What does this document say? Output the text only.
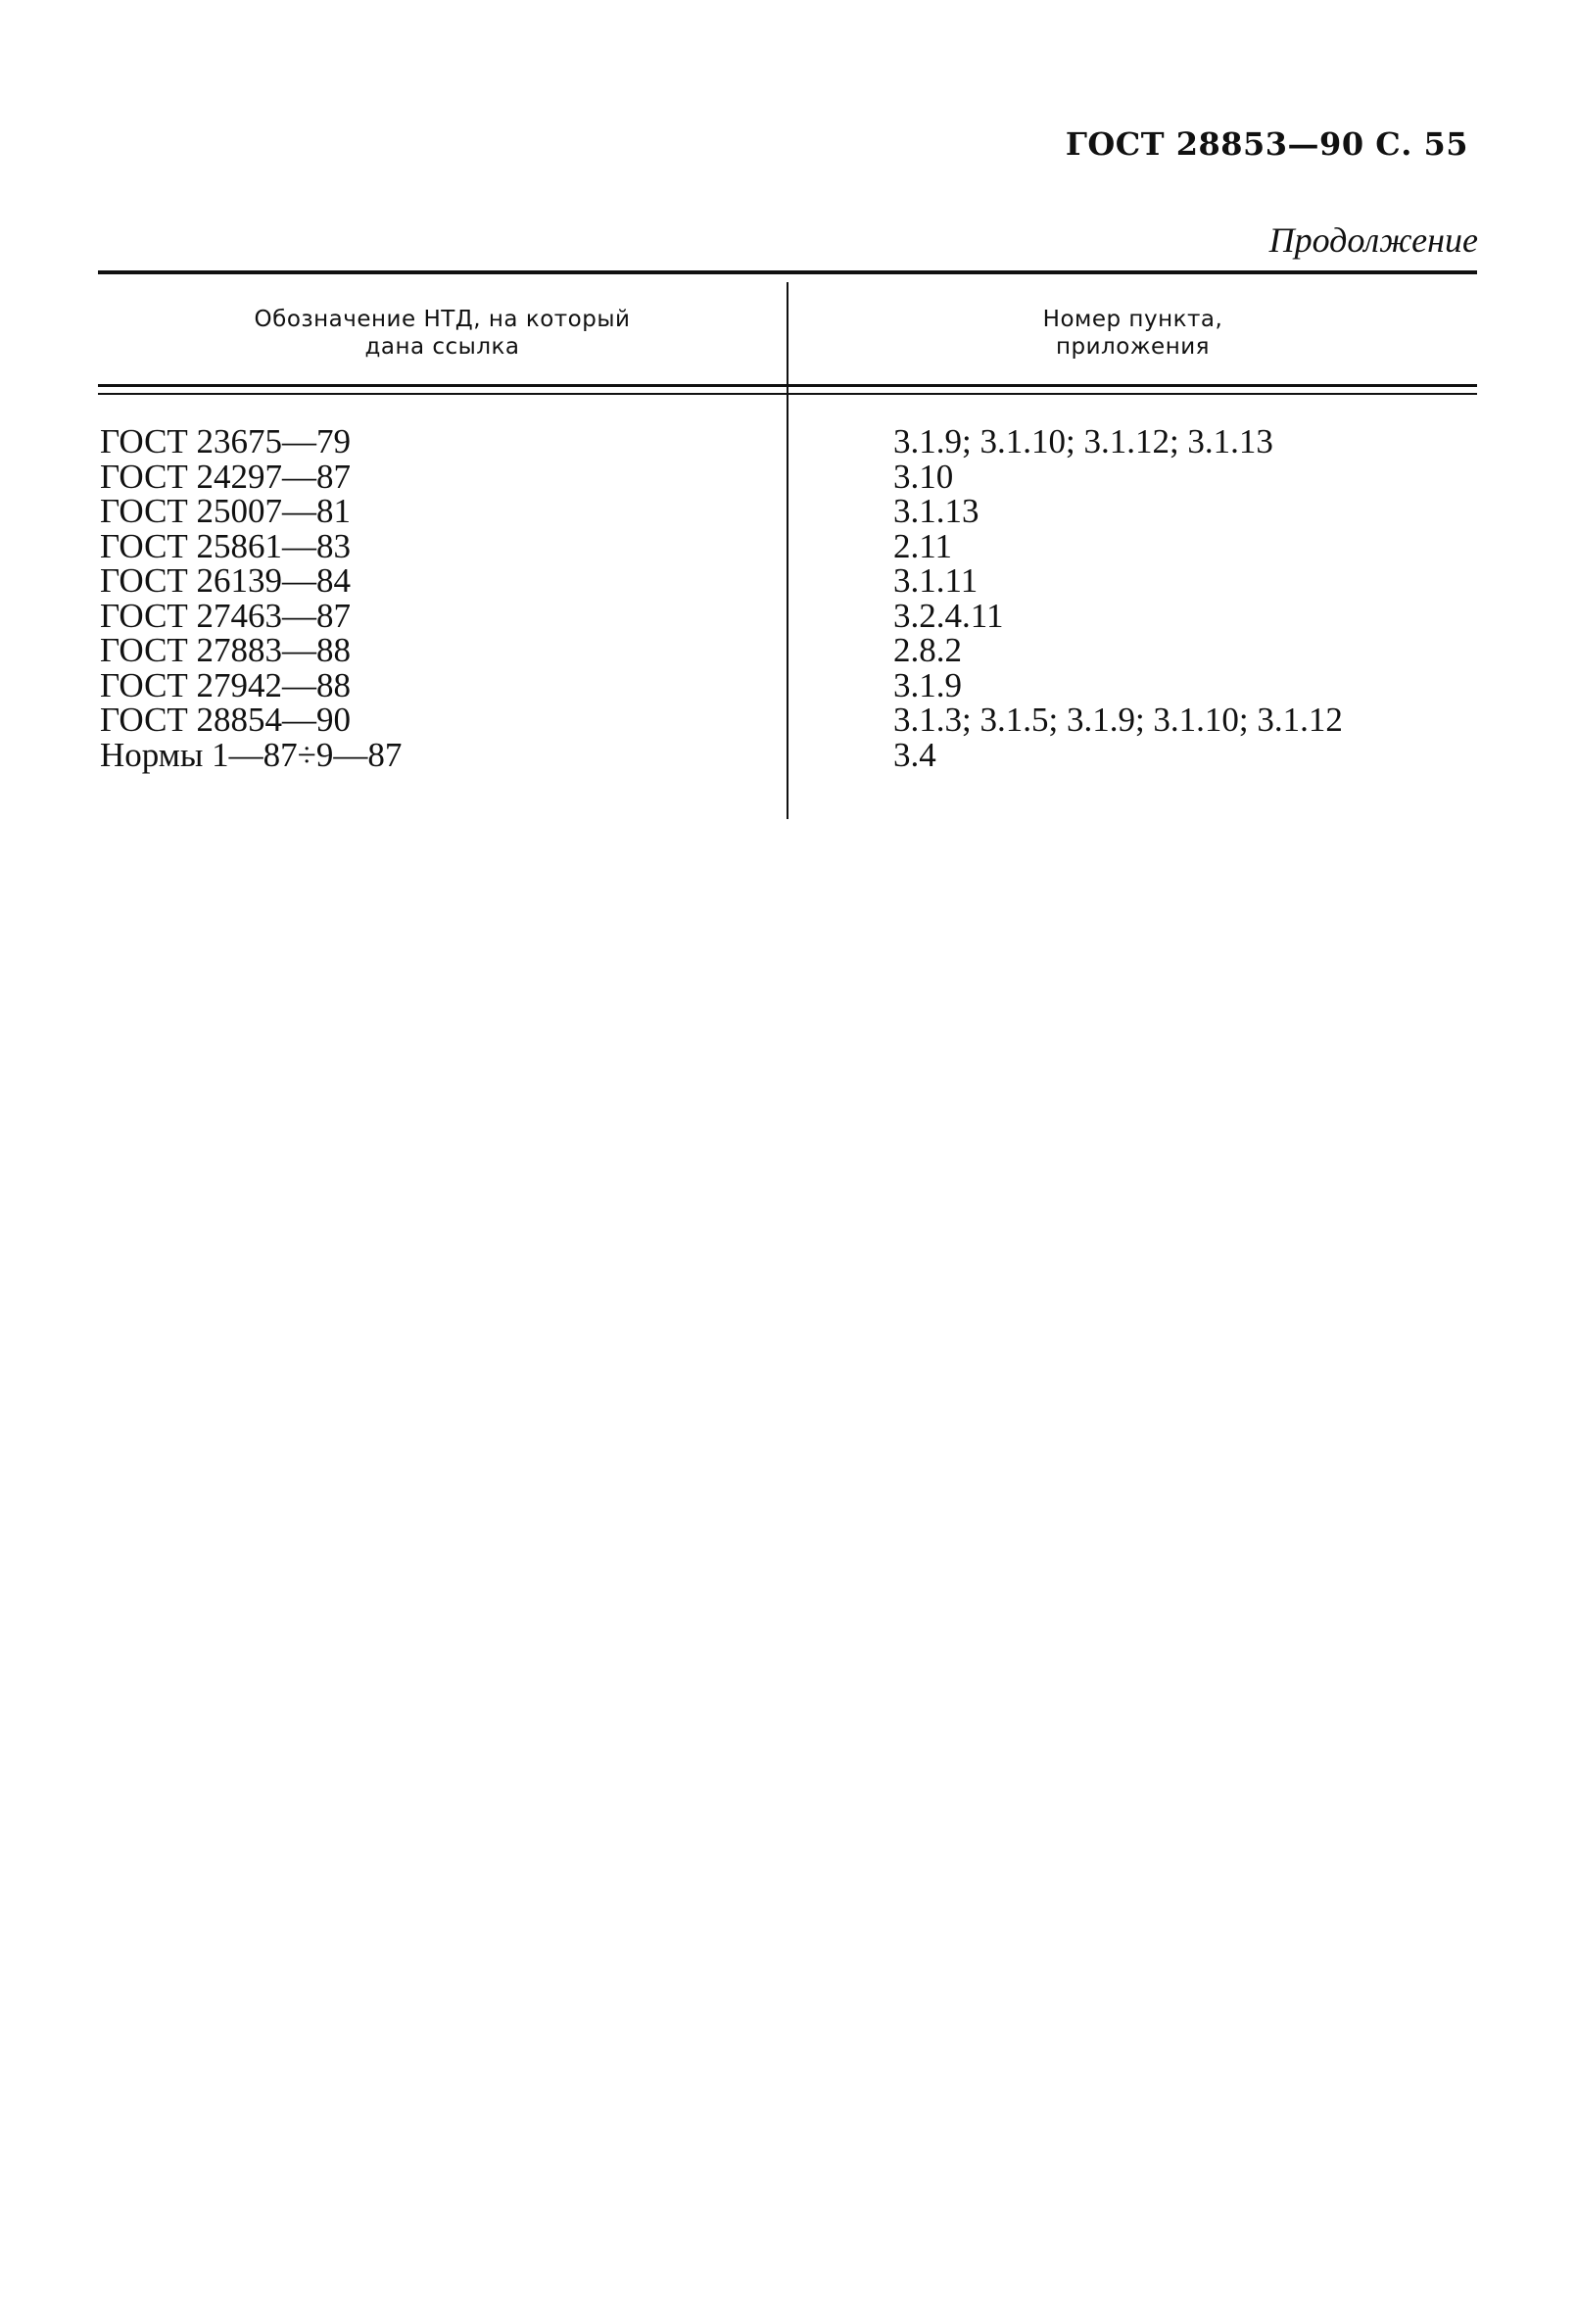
ГОСТ 28853—90 С. 55
Продолжение
Обозначение НТД, на который
дана ссылка
Номер пункта,
приложения
ГОСТ 23675—79
ГОСТ 24297—87
ГОСТ 25007—81
ГОСТ 25861—83
ГОСТ 26139—84
ГОСТ 27463—87
ГОСТ 27883—88
ГОСТ 27942—88
ГОСТ 28854—90
Нормы 1—87÷9—87
3.1.9; 3.1.10; 3.1.12; 3.1.13
3.10
3.1.13
2.11
3.1.11
3.2.4.11
2.8.2
3.1.9
3.1.3; 3.1.5; 3.1.9; 3.1.10; 3.1.12
3.4
